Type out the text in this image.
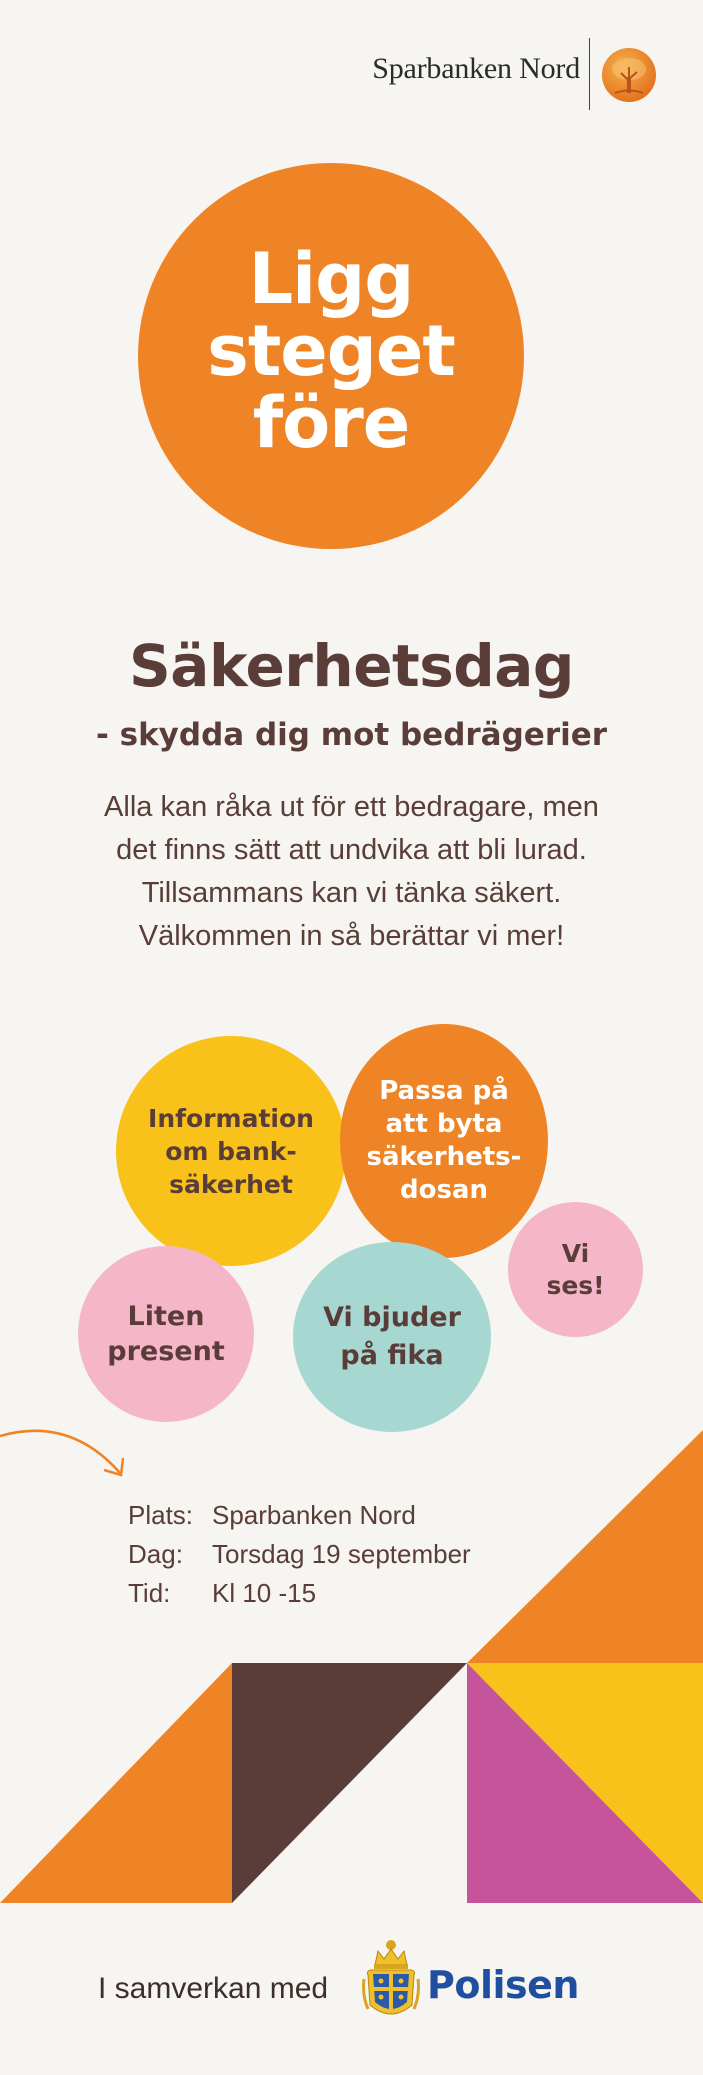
Sparbanken Nord
Ligg
steget
före
Säkerhetsdag
- skydda dig mot bedrägerier
Alla kan råka ut för ett bedragare, men
det finns sätt att undvika att bli lurad.
Tillsammans kan vi tänka säkert.
Välkommen in så berättar vi mer!
Information
om bank-
säkerhet
Passa på
att byta
säkerhets-
dosan
Vi
ses!
Liten
present
Vi bjuder
på fika
Plats: Sparbanken Nord
Dag:	Torsdag 19 september
Tid:	Kl 10 -15
I samverkan med	Polisen
